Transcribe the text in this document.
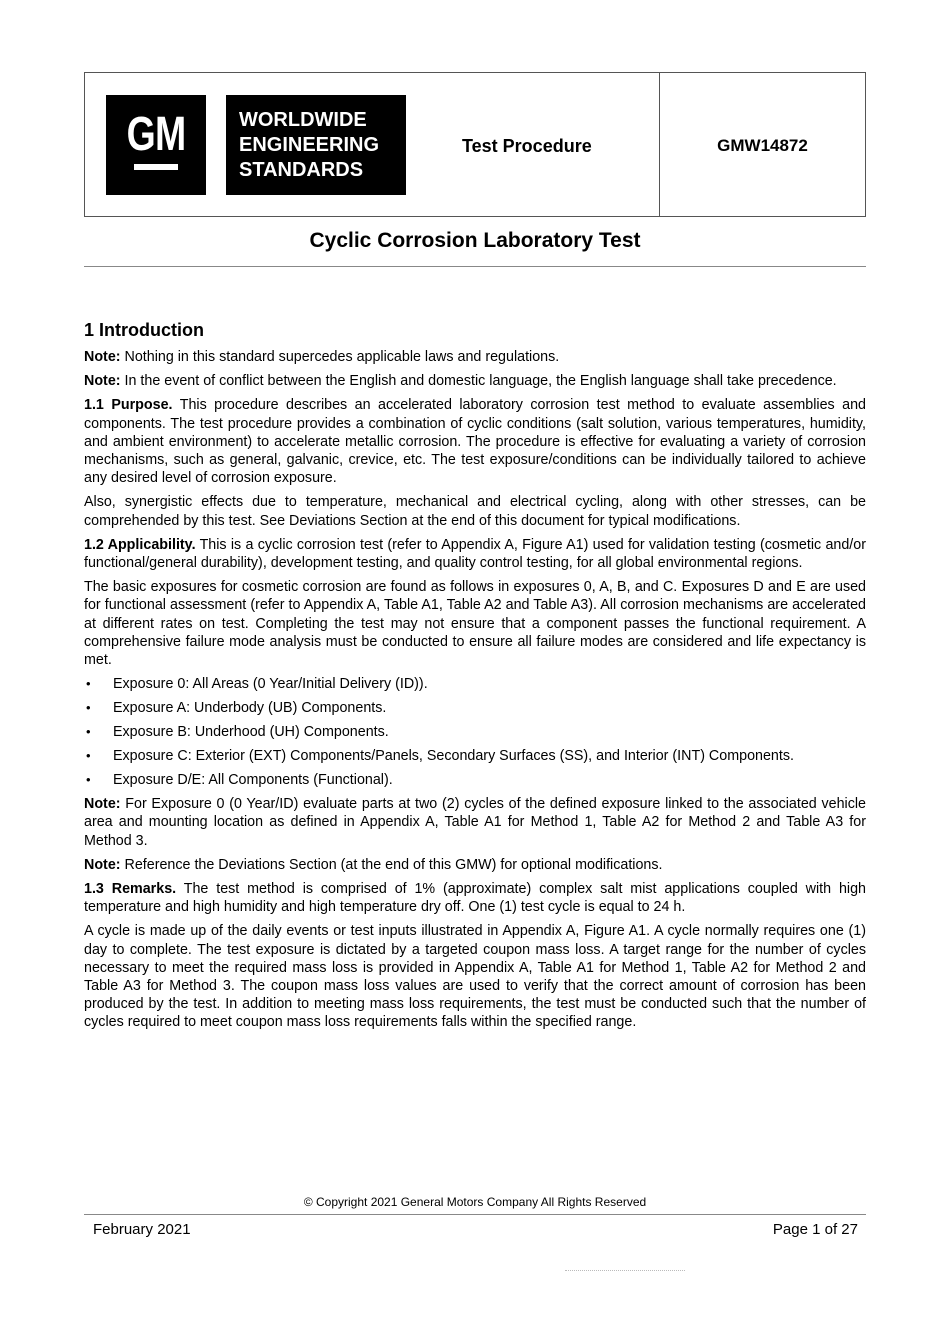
GM	WORLDWIDE
ENGINEERING
STANDARDS
Test Procedure	GMW14872
Cyclic Corrosion Laboratory Test
1 Introduction

Note: Nothing in this standard supercedes applicable laws and regulations.

Note: In the event of conflict between the English and domestic language, the English language shall take precedence.

1.1 Purpose. This procedure describes an accelerated laboratory corrosion test method to evaluate assemblies and components. The test procedure provides a combination of cyclic conditions (salt solution, various temperatures, humidity, and ambient environment) to accelerate metallic corrosion. The procedure is effective for evaluating a variety of corrosion mechanisms, such as general, galvanic, crevice, etc. The test exposure/conditions can be individually tailored to achieve any desired level of corrosion exposure.

Also, synergistic effects due to temperature, mechanical and electrical cycling, along with other stresses, can be comprehended by this test. See Deviations Section at the end of this document for typical modifications.

1.2 Applicability. This is a cyclic corrosion test (refer to Appendix A, Figure A1) used for validation testing (cosmetic and/or functional/general durability), development testing, and quality control testing, for all global environmental regions.

The basic exposures for cosmetic corrosion are found as follows in exposures 0, A, B, and C. Exposures D and E are used for functional assessment (refer to Appendix A, Table A1, Table A2 and Table A3). All corrosion mechanisms are accelerated at different rates on test. Completing the test may not ensure that a component passes the functional requirement. A comprehensive failure mode analysis must be conducted to ensure all failure modes are considered and life expectancy is met.

• Exposure 0: All Areas (0 Year/Initial Delivery (ID)).
• Exposure A: Underbody (UB) Components.
• Exposure B: Underhood (UH) Components.
• Exposure C: Exterior (EXT) Components/Panels, Secondary Surfaces (SS), and Interior (INT) Components.
• Exposure D/E: All Components (Functional).

Note: For Exposure 0 (0 Year/ID) evaluate parts at two (2) cycles of the defined exposure linked to the associated vehicle area and mounting location as defined in Appendix A, Table A1 for Method 1, Table A2 for Method 2 and Table A3 for Method 3.

Note: Reference the Deviations Section (at the end of this GMW) for optional modifications.

1.3 Remarks. The test method is comprised of 1% (approximate) complex salt mist applications coupled with high temperature and high humidity and high temperature dry off. One (1) test cycle is equal to 24 h.

A cycle is made up of the daily events or test inputs illustrated in Appendix A, Figure A1. A cycle normally requires one (1) day to complete. The test exposure is dictated by a targeted coupon mass loss. A target range for the number of cycles necessary to meet the required mass loss is provided in Appendix A, Table A1 for Method 1, Table A2 for Method 2 and Table A3 for Method 3. The coupon mass loss values are used to verify that the correct amount of corrosion has been produced by the test. In addition to meeting mass loss requirements, the test must be conducted such that the number of cycles required to meet coupon mass loss requirements falls within the specified range.

© Copyright 2021 General Motors Company All Rights Reserved
February 2021	Page 1 of 27
